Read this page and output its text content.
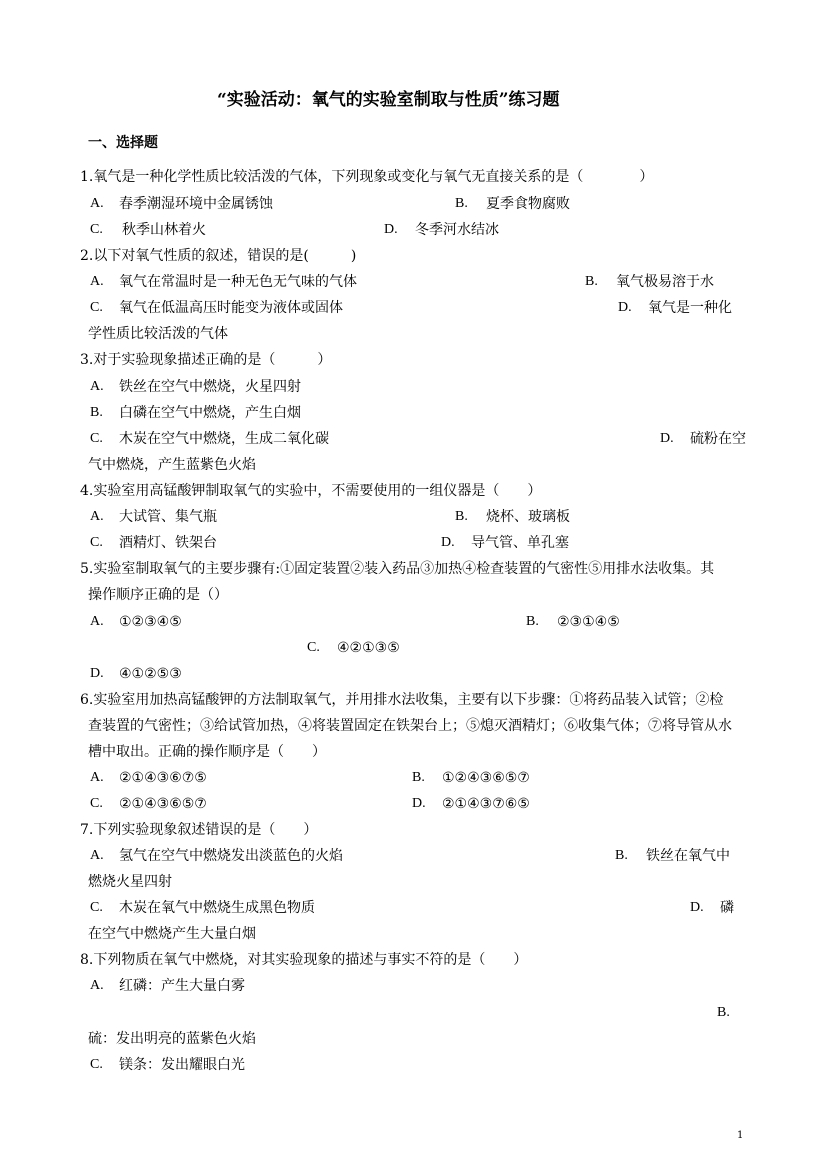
“实验活动：氧气的实验室制取与性质”练习题
一、选择题
1.氧气是一种化学性质比较活泼的气体，下列现象或变化与氧气无直接关系的是（　　　　）
A. 春季潮湿环境中金属锈蚀	B. 夏季食物腐败
C. 秋季山林着火	D. 冬季河水结冰
2.以下对氧气性质的叙述，错误的是(　　　)
A. 氧气在常温时是一种无色无气味的气体	B. 氧气极易溶于水
C. 氧气在低温高压时能变为液体或固体	D. 氧气是一种化
学性质比较活泼的气体
3.对于实验现象描述正确的是（　　　）
A. 铁丝在空气中燃烧，火星四射
B. 白磷在空气中燃烧，产生白烟
C. 木炭在空气中燃烧，生成二氧化碳	D. 硫粉在空
气中燃烧，产生蓝紫色火焰
4.实验室用高锰酸钾制取氧气的实验中，不需要使用的一组仪器是（　　）
A. 大试管、集气瓶	B. 烧杯、玻璃板
C. 酒精灯、铁架台	D. 导气管、单孔塞
5.实验室制取氧气的主要步骤有:①固定装置②装入药品③加热④检查装置的气密性⑤用排水法收集。其
操作顺序正确的是（）
A. ①②③④⑤	B. ②③①④⑤
C. ④②①③⑤
D. ④①②⑤③
6.实验室用加热高锰酸钾的方法制取氧气，并用排水法收集，主要有以下步骤：①将药品装入试管；②检
查装置的气密性；③给试管加热，④将装置固定在铁架台上；⑤熄灭酒精灯；⑥收集气体；⑦将导管从水
槽中取出。正确的操作顺序是（　　）
A. ②①④③⑥⑦⑤	B. ①②④③⑥⑤⑦
C. ②①④③⑥⑤⑦	D. ②①④③⑦⑥⑤
7.下列实验现象叙述错误的是（　　）
A. 氢气在空气中燃烧发出淡蓝色的火焰	B. 铁丝在氧气中
燃烧火星四射
C. 木炭在氧气中燃烧生成黑色物质	D. 磷
在空气中燃烧产生大量白烟
8.下列物质在氧气中燃烧，对其实验现象的描述与事实不符的是（　　）
A. 红磷：产生大量白雾
B.
硫：发出明亮的蓝紫色火焰
C. 镁条：发出耀眼白光
1
